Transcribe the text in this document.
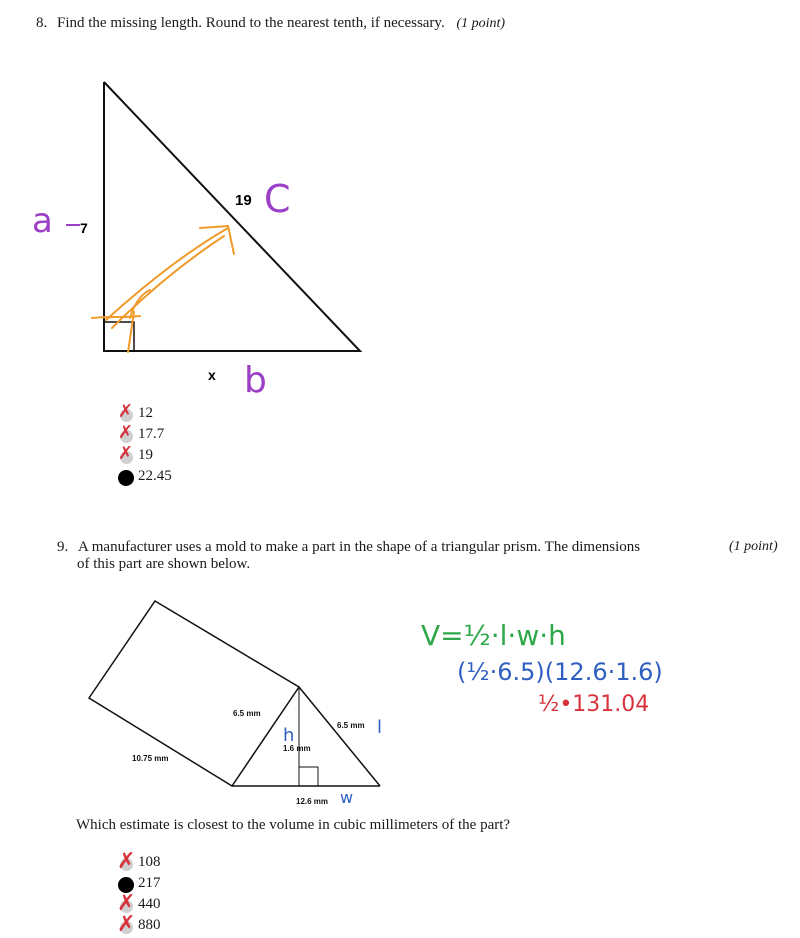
8. Find the missing length. Round to the nearest tenth, if necessary. (1 point)
7
19
x
a	C
b
✗ 12
✗ 17.7
✗ 19
22.45
9. A manufacturer uses a mold to make a part in the shape of a triangular prism. The dimensions	(1 point)
of this part are shown below.
6.5 mm
6.5 mm
1.6 mm
12.6 mm
10.75 mm
h	l
w
V=½·l·w·h
(½·6.5)(12.6·1.6)
½•131.04
Which estimate is closest to the volume in cubic millimeters of the part?
✗ 108
217
✗ 440
✗ 880
